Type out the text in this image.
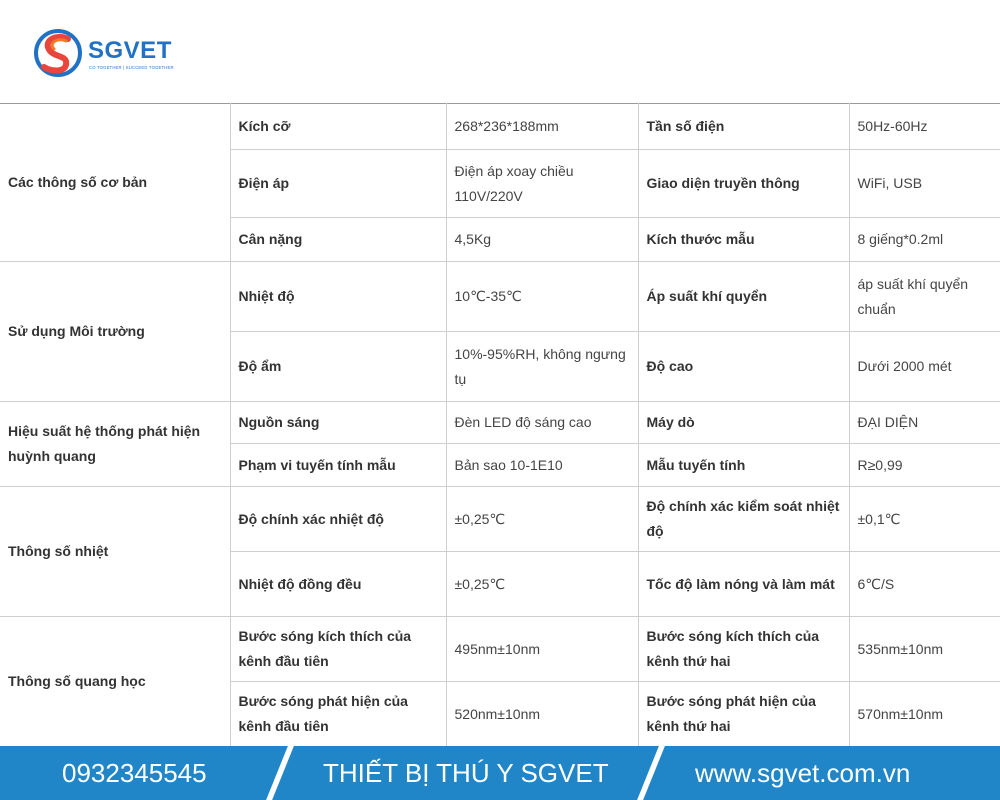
SGVET
CO TOGETHER | SUCCEED TOGETHER
Các thông số cơ bản	Kích cỡ	268*236*188mm	Tần số điện	50Hz-60Hz
	Điện áp	Điện áp xoay chiều 110V/220V	Giao diện truyền thông	WiFi, USB
	Cân nặng	4,5Kg	Kích thước mẫu	8 giếng*0.2ml
Sử dụng Môi trường	Nhiệt độ	10℃-35℃	Áp suất khí quyển	áp suất khí quyển chuẩn
	Độ ẩm	10%-95%RH, không ngưng tụ	Độ cao	Dưới 2000 mét
Hiệu suất hệ thống phát hiện huỳnh quang	Nguồn sáng	Đèn LED độ sáng cao	Máy dò	ĐẠI DIỆN
	Phạm vi tuyến tính mẫu	Bản sao 10-1E10	Mẫu tuyến tính	R≥0,99
Thông số nhiệt	Độ chính xác nhiệt độ	±0,25℃	Độ chính xác kiểm soát nhiệt độ	±0,1℃
	Nhiệt độ đồng đều	±0,25℃	Tốc độ làm nóng và làm mát	6℃/S
Thông số quang học	Bước sóng kích thích của kênh đầu tiên	495nm±10nm	Bước sóng kích thích của kênh thứ hai	535nm±10nm
	Bước sóng phát hiện của kênh đầu tiên	520nm±10nm	Bước sóng phát hiện của kênh thứ hai	570nm±10nm
0932345545	THIẾT BỊ THÚ Y SGVET	www.sgvet.com.vn
